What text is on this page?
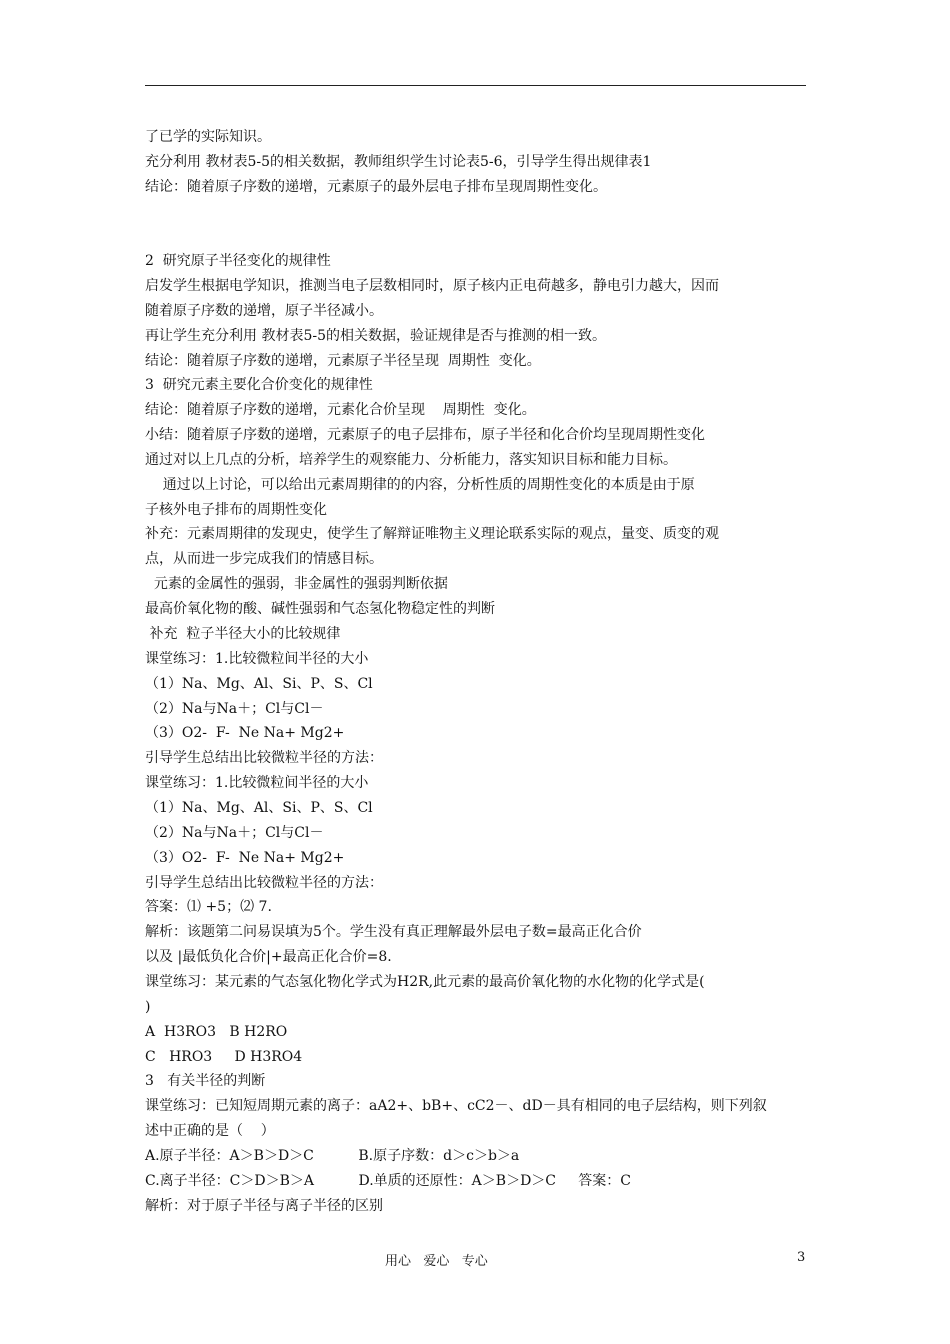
了已学的实际知识。
充分利用 教材表5-5的相关数据，教师组织学生讨论表5-6，引导学生得出规律表1
结论：随着原子序数的递增，元素原子的最外层电子排布呈现周期性变化。
2  研究原子半径变化的规律性
启发学生根据电学知识，推测当电子层数相同时，原子核内正电荷越多，静电引力越大，因而
随着原子序数的递增，原子半径减小。
再让学生充分利用 教材表5-5的相关数据，验证规律是否与推测的相一致。
结论：随着原子序数的递增，元素原子半径呈现  周期性  变化。
3  研究元素主要化合价变化的规律性
结论：随着原子序数的递增，元素化合价呈现    周期性  变化。
小结：随着原子序数的递增，元素原子的电子层排布，原子半径和化合价均呈现周期性变化
通过对以上几点的分析，培养学生的观察能力、分析能力，落实知识目标和能力目标。
通过以上讨论，可以给出元素周期律的的内容，分析性质的周期性变化的本质是由于原
子核外电子排布的周期性变化
补充：元素周期律的发现史，使学生了解辩证唯物主义理论联系实际的观点，量变、质变的观
点，从而进一步完成我们的情感目标。
元素的金属性的强弱，非金属性的强弱判断依据
最高价氧化物的酸、碱性强弱和气态氢化物稳定性的判断
补充  粒子半径大小的比较规律
课堂练习：1.比较微粒间半径的大小
（1）Na、Mg、Al、Si、P、S、Cl
（2）Na与Na＋；Cl与Cl－
（3）O2-  F-  Ne Na+ Mg2+
引导学生总结出比较微粒半径的方法：
课堂练习：1.比较微粒间半径的大小
（1）Na、Mg、Al、Si、P、S、Cl
（2）Na与Na＋；Cl与Cl－
（3）O2-  F-  Ne Na+ Mg2+
引导学生总结出比较微粒半径的方法：
答案：⑴ +5；⑵ 7.
解析：该题第二问易误填为5个。学生没有真正理解最外层电子数=最高正化合价
以及 |最低负化合价|+最高正化合价=8.
课堂练习：某元素的气态氢化物化学式为H2R,此元素的最高价氧化物的水化物的化学式是(
)
A  H3RO3   B H2RO
C   HRO3     D H3RO4
3   有关半径的判断
课堂练习：已知短周期元素的离子：aA2+、bB+、cC2－、dD－具有相同的电子层结构，则下列叙
述中正确的是（    ）
A.原子半径：A＞B＞D＞C          B.原子序数：d＞c＞b＞a
C.离子半径：C＞D＞B＞A          D.单质的还原性：A＞B＞D＞C     答案：C
解析：对于原子半径与离子半径的区别
用心   爱心   专心	3
